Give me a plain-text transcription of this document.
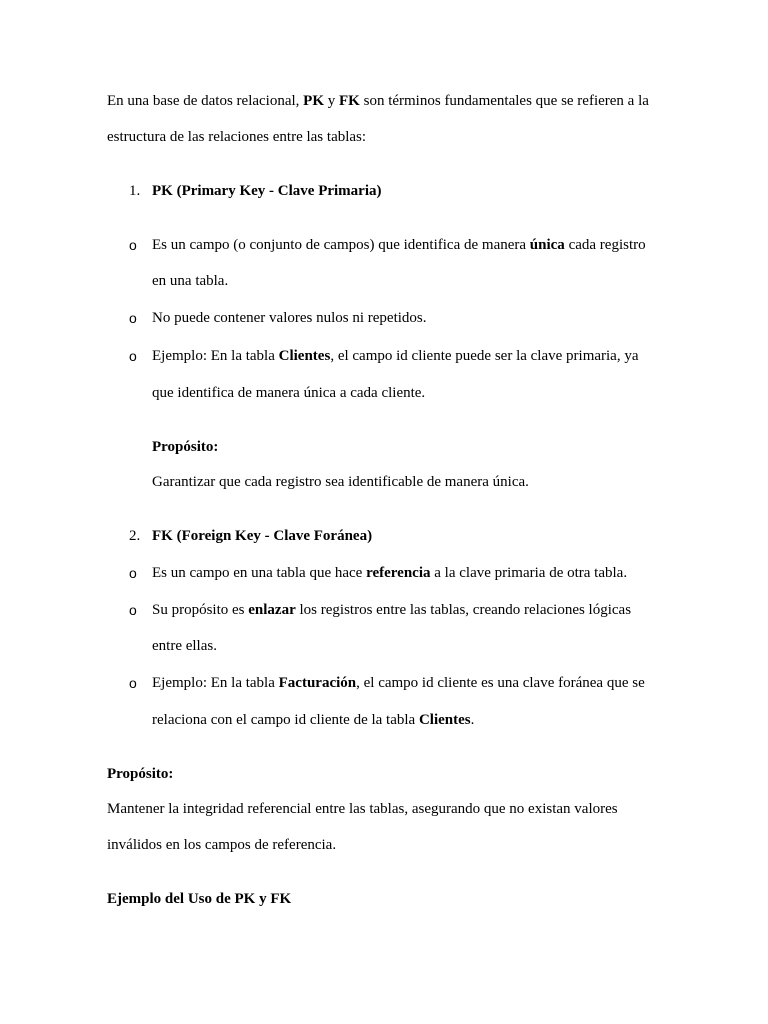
En una base de datos relacional, PK y FK son términos fundamentales que se refieren a la
estructura de las relaciones entre las tablas:
1. PK (Primary Key - Clave Primaria)
o Es un campo (o conjunto de campos) que identifica de manera única cada registro
en una tabla.
o No puede contener valores nulos ni repetidos.
o Ejemplo: En la tabla Clientes, el campo id cliente puede ser la clave primaria, ya
que identifica de manera única a cada cliente.
Propósito:
Garantizar que cada registro sea identificable de manera única.
2. FK (Foreign Key - Clave Foránea)
o Es un campo en una tabla que hace referencia a la clave primaria de otra tabla.
o Su propósito es enlazar los registros entre las tablas, creando relaciones lógicas
entre ellas.
o Ejemplo: En la tabla Facturación, el campo id cliente es una clave foránea que se
relaciona con el campo id cliente de la tabla Clientes.
Propósito:
Mantener la integridad referencial entre las tablas, asegurando que no existan valores
inválidos en los campos de referencia.
Ejemplo del Uso de PK y FK
